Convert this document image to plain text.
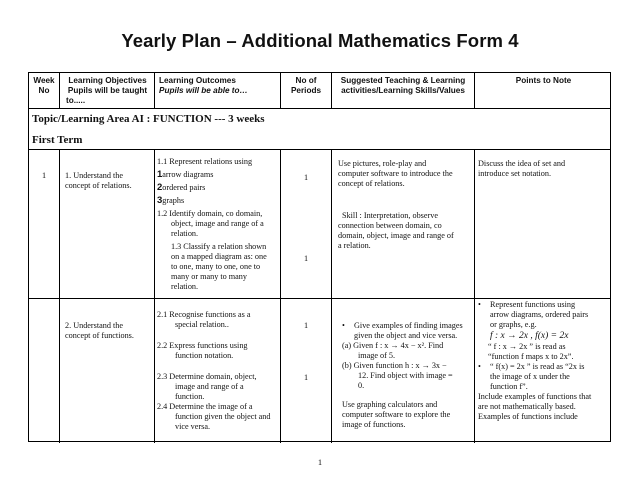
Yearly Plan – Additional Mathematics Form 4
Week
No
Learning Objectives
Pupils will be taught
to.....
Learning Outcomes
Pupils will be able to…
No of
Periods
Suggested Teaching & Learning
activities/Learning Skills/Values
Points to Note
Topic/Learning Area AI : FUNCTION --- 3 weeks
First Term
1	1. Understand the
concept of relations.
1.1 Represent relations using
1arrow diagrams
2ordered pairs
3graphs
1.2 Identify domain, co domain,
object, image and range of a
relation.
1.3 Classify a relation shown
on a mapped diagram as: one
to one, many to one, one to
many or many to many
relation.
1
1
Use pictures, role-play and
computer software to introduce the
concept of relations.
Skill : Interpretation, observe
connection between domain, co
domain, object, image and range of
a relation.
Discuss the idea of set and
introduce set notation.
2. Understand the
concept of functions.
2.1 Recognise functions as a
special relation..
2.2 Express functions using
function notation.
2.3 Determine domain, object,
image and range of a
function.
2.4 Determine the image of a
function given the object and
vice versa.
1
1
• Give examples of finding images
given the object and vice versa.
(a) Given f : x → 4x − x². Find
image of 5.
(b) Given function h : x → 3x −
12. Find object with image =
0.
Use graphing calculators and
computer software to explore the
image of functions.
• Represent functions using
arrow diagrams, ordered pairs
or graphs, e.g.
f : x → 2x , f(x) = 2x
“ f : x → 2x ” is read as
“function f maps x to 2x”.
• “ f(x) = 2x ” is read as “2x is
the image of x under the
function f”.
Include examples of functions that
are not mathematically based.
Examples of functions include
1
